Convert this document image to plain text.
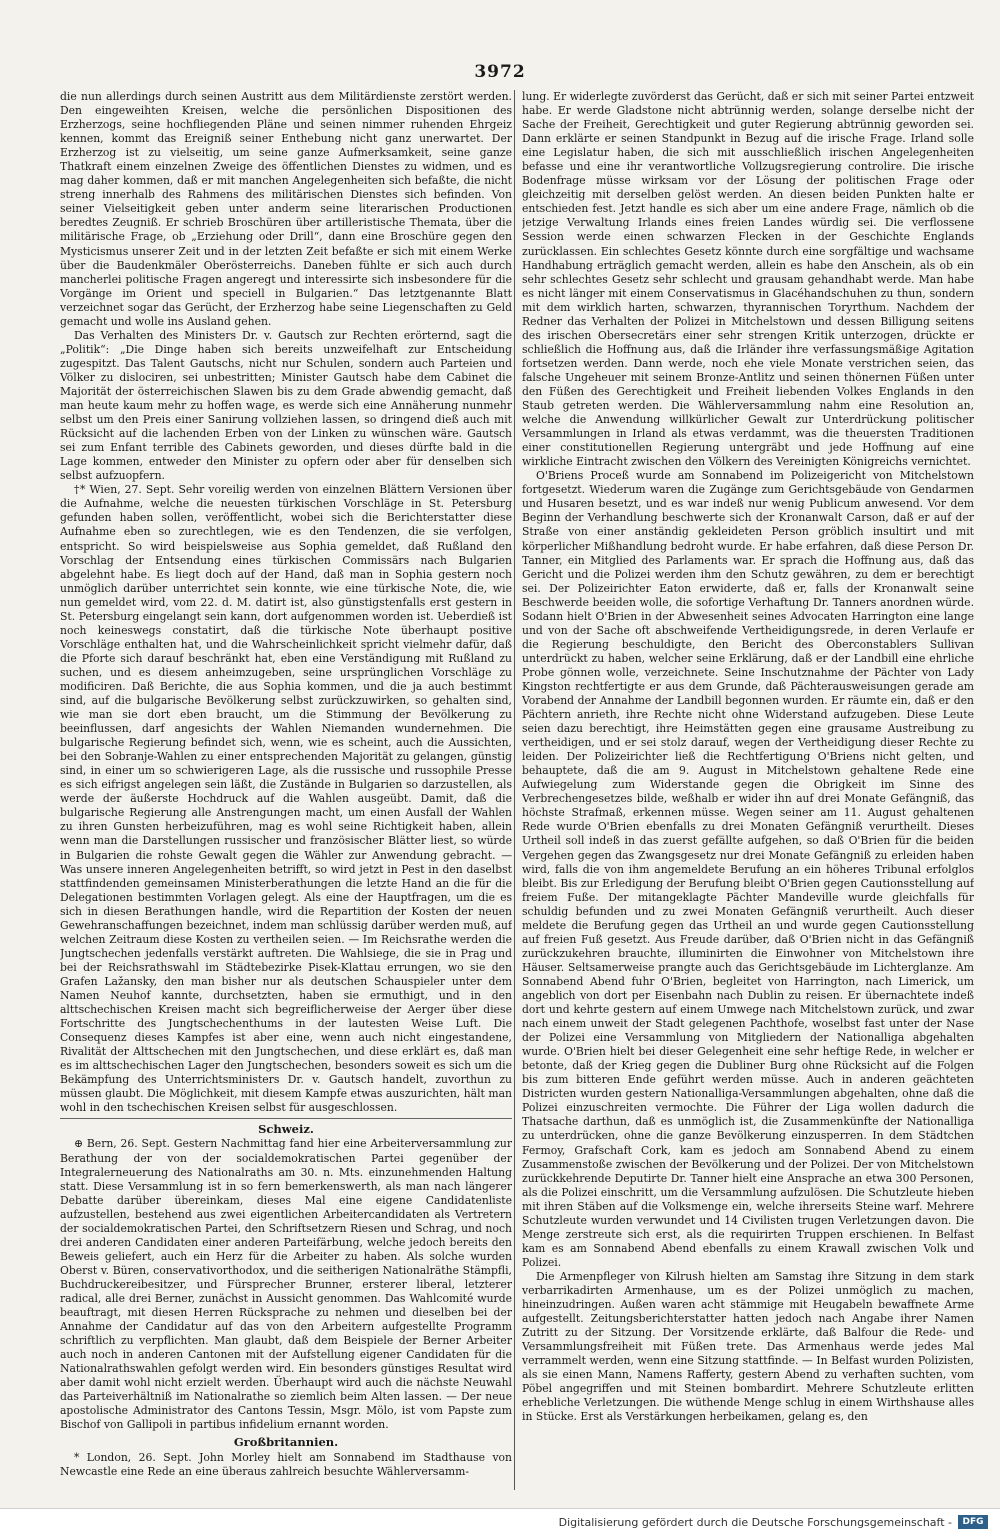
3972

die nun allerdings durch seinen Austritt aus dem Militärdienste zerstört werden. Den eingeweihten Kreisen, welche die persönlichen Dispositionen des Erzherzogs, seine hochfliegenden Pläne und seinen nimmer ruhenden Ehrgeiz kennen, kommt das Ereigniß seiner Enthebung nicht ganz unerwartet. Der Erzherzog ist zu vielseitig, um seine ganze Aufmerksamkeit, seine ganze Thatkraft einem einzelnen Zweige des öffentlichen Dienstes zu widmen, und es mag daher kommen, daß er mit manchen Angelegenheiten sich befaßte, die nicht streng innerhalb des Rahmens des militärischen Dienstes sich befinden. Von seiner Vielseitigkeit geben unter anderm seine literarischen Productionen beredtes Zeugniß. Er schrieb Broschüren über artilleristische Themata, über die militärische Frage, ob „Erziehung oder Drill“, dann eine Broschüre gegen den Mysticismus unserer Zeit und in der letzten Zeit befaßte er sich mit einem Werke über die Baudenkmäler Oberösterreichs. Daneben fühlte er sich auch durch mancherlei politische Fragen angeregt und interessirte sich insbesondere für die Vorgänge im Orient und speciell in Bulgarien.“ Das letztgenannte Blatt verzeichnet sogar das Gerücht, der Erzherzog habe seine Liegenschaften zu Geld gemacht und wolle ins Ausland gehen.

Das Verhalten des Ministers Dr. v. Gautsch zur Rechten erörternd, sagt die „Politik“: „Die Dinge haben sich bereits unzweifelhaft zur Entscheidung zugespitzt. Das Talent Gautschs, nicht nur Schulen, sondern auch Parteien und Völker zu dislociren, sei unbestritten; Minister Gautsch habe dem Cabinet die Majorität der österreichischen Slawen bis zu dem Grade abwendig gemacht, daß man heute kaum mehr zu hoffen wage, es werde sich eine Annäherung nunmehr selbst um den Preis einer Sanirung vollziehen lassen, so dringend dieß auch mit Rücksicht auf die lachenden Erben von der Linken zu wünschen wäre. Gautsch sei zum Enfant terrible des Cabinets geworden, und dieses dürfte bald in die Lage kommen, entweder den Minister zu opfern oder aber für denselben sich selbst aufzuopfern.

†* Wien, 27. Sept. Sehr voreilig werden von einzelnen Blättern Versionen über die Aufnahme, welche die neuesten türkischen Vorschläge in St. Petersburg gefunden haben sollen, veröffentlicht, wobei sich die Berichterstatter diese Aufnahme eben so zurechtlegen, wie es den Tendenzen, die sie verfolgen, entspricht. So wird beispielsweise aus Sophia gemeldet, daß Rußland den Vorschlag der Entsendung eines türkischen Commissärs nach Bulgarien abgelehnt habe. Es liegt doch auf der Hand, daß man in Sophia gestern noch unmöglich darüber unterrichtet sein konnte, wie eine türkische Note, die, wie nun gemeldet wird, vom 22. d. M. datirt ist, also günstigstenfalls erst gestern in St. Petersburg eingelangt sein kann, dort aufgenommen worden ist. Ueberdieß ist noch keineswegs constatirt, daß die türkische Note überhaupt positive Vorschläge enthalten hat, und die Wahrscheinlichkeit spricht vielmehr dafür, daß die Pforte sich darauf beschränkt hat, eben eine Verständigung mit Rußland zu suchen, und es diesem anheimzugeben, seine ursprünglichen Vorschläge zu modificiren. Daß Berichte, die aus Sophia kommen, und die ja auch bestimmt sind, auf die bulgarische Bevölkerung selbst zurückzuwirken, so gehalten sind, wie man sie dort eben braucht, um die Stimmung der Bevölkerung zu beeinflussen, darf angesichts der Wahlen Niemanden wundernehmen. Die bulgarische Regierung befindet sich, wenn, wie es scheint, auch die Aussichten, bei den Sobranje-Wahlen zu einer entsprechenden Majorität zu gelangen, günstig sind, in einer um so schwierigeren Lage, als die russische und russophile Presse es sich eifrigst angelegen sein läßt, die Zustände in Bulgarien so darzustellen, als werde der äußerste Hochdruck auf die Wahlen ausgeübt. Damit, daß die bulgarische Regierung alle Anstrengungen macht, um einen Ausfall der Wahlen zu ihren Gunsten herbeizuführen, mag es wohl seine Richtigkeit haben, allein wenn man die Darstellungen russischer und französischer Blätter liest, so würde in Bulgarien die rohste Gewalt gegen die Wähler zur Anwendung gebracht. — Was unsere inneren Angelegenheiten betrifft, so wird jetzt in Pest in den daselbst stattfindenden gemeinsamen Ministerberathungen die letzte Hand an die für die Delegationen bestimmten Vorlagen gelegt. Als eine der Hauptfragen, um die es sich in diesen Berathungen handle, wird die Repartition der Kosten der neuen Gewehranschaffungen bezeichnet, indem man schlüssig darüber werden muß, auf welchen Zeitraum diese Kosten zu vertheilen seien. — Im Reichsrathe werden die Jungtschechen jedenfalls verstärkt auftreten. Die Wahlsiege, die sie in Prag und bei der Reichsrathswahl im Städtebezirke Pisek-Klattau errungen, wo sie den Grafen Lažansky, den man bisher nur als deutschen Schauspieler unter dem Namen Neuhof kannte, durchsetzten, haben sie ermuthigt, und in den alttschechischen Kreisen macht sich begreiflicherweise der Aerger über diese Fortschritte des Jungtschechenthums in der lautesten Weise Luft. Die Consequenz dieses Kampfes ist aber eine, wenn auch nicht eingestandene, Rivalität der Alttschechen mit den Jungtschechen, und diese erklärt es, daß man es im alttschechischen Lager den Jungtschechen, besonders soweit es sich um die Bekämpfung des Unterrichtsministers Dr. v. Gautsch handelt, zuvorthun zu müssen glaubt. Die Möglichkeit, mit diesem Kampfe etwas auszurichten, hält man wohl in den tschechischen Kreisen selbst für ausgeschlossen.

Schweiz.

⊕ Bern, 26. Sept. Gestern Nachmittag fand hier eine Arbeiterversammlung zur Berathung der von der socialdemokratischen Partei gegenüber der Integralerneuerung des Nationalraths am 30. n. Mts. einzunehmenden Haltung statt. Diese Versammlung ist in so fern bemerkenswerth, als man nach längerer Debatte darüber übereinkam, dieses Mal eine eigene Candidatenliste aufzustellen, bestehend aus zwei eigentlichen Arbeitercandidaten als Vertretern der socialdemokratischen Partei, den Schriftsetzern Riesen und Schrag, und noch drei anderen Candidaten einer anderen Parteifärbung, welche jedoch bereits den Beweis geliefert, auch ein Herz für die Arbeiter zu haben. Als solche wurden Oberst v. Büren, conservativorthodox, und die seitherigen Nationalräthe Stämpfli, Buchdruckereibesitzer, und Fürsprecher Brunner, ersterer liberal, letzterer radical, alle drei Berner, zunächst in Aussicht genommen. Das Wahlcomité wurde beauftragt, mit diesen Herren Rücksprache zu nehmen und dieselben bei der Annahme der Candidatur auf das von den Arbeitern aufgestellte Programm schriftlich zu verpflichten. Man glaubt, daß dem Beispiele der Berner Arbeiter auch noch in anderen Cantonen mit der Aufstellung eigener Candidaten für die Nationalrathswahlen gefolgt werden wird. Ein besonders günstiges Resultat wird aber damit wohl nicht erzielt werden. Überhaupt wird auch die nächste Neuwahl das Parteiverhältniß im Nationalrathe so ziemlich beim Alten lassen. — Der neue apostolische Administrator des Cantons Tessin, Msgr. Mölo, ist vom Papste zum Bischof von Gallipoli in partibus infidelium ernannt worden.

Großbritannien.

* London, 26. Sept. John Morley hielt am Sonnabend im Stadthause von Newcastle eine Rede an eine überaus zahlreich besuchte Wählerversamm-

lung. Er widerlegte zuvörderst das Gerücht, daß er sich mit seiner Partei entzweit habe. Er werde Gladstone nicht abtrünnig werden, solange derselbe nicht der Sache der Freiheit, Gerechtigkeit und guter Regierung abtrünnig geworden sei. Dann erklärte er seinen Standpunkt in Bezug auf die irische Frage. Irland solle eine Legislatur haben, die sich mit ausschließlich irischen Angelegenheiten befasse und eine ihr verantwortliche Vollzugsregierung controlire. Die irische Bodenfrage müsse wirksam vor der Lösung der politischen Frage oder gleichzeitig mit derselben gelöst werden. An diesen beiden Punkten halte er entschieden fest. Jetzt handle es sich aber um eine andere Frage, nämlich ob die jetzige Verwaltung Irlands eines freien Landes würdig sei. Die verflossene Session werde einen schwarzen Flecken in der Geschichte Englands zurücklassen. Ein schlechtes Gesetz könnte durch eine sorgfältige und wachsame Handhabung erträglich gemacht werden, allein es habe den Anschein, als ob ein sehr schlechtes Gesetz sehr schlecht und grausam gehandhabt werde. Man habe es nicht länger mit einem Conservatismus in Glacéhandschuhen zu thun, sondern mit dem wirklich harten, schwarzen, thyrannischen Toryrthum. Nachdem der Redner das Verhalten der Polizei in Mitchelstown und dessen Billigung seitens des irischen Obersecretärs einer sehr strengen Kritik unterzogen, drückte er schließlich die Hoffnung aus, daß die Irländer ihre verfassungsmäßige Agitation fortsetzen werden. Dann werde, noch ehe viele Monate verstrichen seien, das falsche Ungeheuer mit seinem Bronze-Antlitz und seinen thönernen Füßen unter den Füßen des Gerechtigkeit und Freiheit liebenden Volkes Englands in den Staub getreten werden. Die Wählerversammlung nahm eine Resolution an, welche die Anwendung willkürlicher Gewalt zur Unterdrückung politischer Versammlungen in Irland als etwas verdammt, was die theuersten Traditionen einer constitutionellen Regierung untergräbt und jede Hoffnung auf eine wirkliche Eintracht zwischen den Völkern des Vereinigten Königreichs vernichtet.

O'Briens Proceß wurde am Sonnabend im Polizeigericht von Mitchelstown fortgesetzt. Wiederum waren die Zugänge zum Gerichtsgebäude von Gendarmen und Husaren besetzt, und es war indeß nur wenig Publicum anwesend. Vor dem Beginn der Verhandlung beschwerte sich der Kronanwalt Carson, daß er auf der Straße von einer anständig gekleideten Person gröblich insultirt und mit körperlicher Mißhandlung bedroht wurde. Er habe erfahren, daß diese Person Dr. Tanner, ein Mitglied des Parlaments war. Er sprach die Hoffnung aus, daß das Gericht und die Polizei werden ihm den Schutz gewähren, zu dem er berechtigt sei. Der Polizeirichter Eaton erwiderte, daß er, falls der Kronanwalt seine Beschwerde beeiden wolle, die sofortige Verhaftung Dr. Tanners anordnen würde. Sodann hielt O'Brien in der Abwesenheit seines Advocaten Harrington eine lange und von der Sache oft abschweifende Vertheidigungsrede, in deren Verlaufe er die Regierung beschuldigte, den Bericht des Oberconstablers Sullivan unterdrückt zu haben, welcher seine Erklärung, daß er der Landbill eine ehrliche Probe gönnen wolle, verzeichnete. Seine Inschutznahme der Pächter von Lady Kingston rechtfertigte er aus dem Grunde, daß Pächterausweisungen gerade am Vorabend der Annahme der Landbill begonnen wurden. Er räumte ein, daß er den Pächtern anrieth, ihre Rechte nicht ohne Widerstand aufzugeben. Diese Leute seien dazu berechtigt, ihre Heimstätten gegen eine grausame Austreibung zu vertheidigen, und er sei stolz darauf, wegen der Vertheidigung dieser Rechte zu leiden. Der Polizeirichter ließ die Rechtfertigung O'Briens nicht gelten, und behauptete, daß die am 9. August in Mitchelstown gehaltene Rede eine Aufwiegelung zum Widerstande gegen die Obrigkeit im Sinne des Verbrechengesetzes bilde, weßhalb er wider ihn auf drei Monate Gefängniß, das höchste Strafmaß, erkennen müsse. Wegen seiner am 11. August gehaltenen Rede wurde O'Brien ebenfalls zu drei Monaten Gefängniß verurtheilt. Dieses Urtheil soll indeß in das zuerst gefällte aufgehen, so daß O'Brien für die beiden Vergehen gegen das Zwangsgesetz nur drei Monate Gefängniß zu erleiden haben wird, falls die von ihm angemeldete Berufung an ein höheres Tribunal erfolglos bleibt. Bis zur Erledigung der Berufung bleibt O'Brien gegen Cautionsstellung auf freiem Fuße. Der mitangeklagte Pächter Mandeville wurde gleichfalls für schuldig befunden und zu zwei Monaten Gefängniß verurtheilt. Auch dieser meldete die Berufung gegen das Urtheil an und wurde gegen Cautionsstellung auf freien Fuß gesetzt. Aus Freude darüber, daß O'Brien nicht in das Gefängniß zurückzukehren brauchte, illuminirten die Einwohner von Mitchelstown ihre Häuser. Seltsamerweise prangte auch das Gerichtsgebäude im Lichterglanze. Am Sonnabend Abend fuhr O'Brien, begleitet von Harrington, nach Limerick, um angeblich von dort per Eisenbahn nach Dublin zu reisen. Er übernachtete indeß dort und kehrte gestern auf einem Umwege nach Mitchelstown zurück, und zwar nach einem unweit der Stadt gelegenen Pachthofe, woselbst fast unter der Nase der Polizei eine Versammlung von Mitgliedern der Nationalliga abgehalten wurde. O'Brien hielt bei dieser Gelegenheit eine sehr heftige Rede, in welcher er betonte, daß der Krieg gegen die Dubliner Burg ohne Rücksicht auf die Folgen bis zum bitteren Ende geführt werden müsse. Auch in anderen geächteten Districten wurden gestern Nationalliga-Versammlungen abgehalten, ohne daß die Polizei einzuschreiten vermochte. Die Führer der Liga wollen dadurch die Thatsache darthun, daß es unmöglich ist, die Zusammenkünfte der Nationalliga zu unterdrücken, ohne die ganze Bevölkerung einzusperren. In dem Städtchen Fermoy, Grafschaft Cork, kam es jedoch am Sonnabend Abend zu einem Zusammenstoße zwischen der Bevölkerung und der Polizei. Der von Mitchelstown zurückkehrende Deputirte Dr. Tanner hielt eine Ansprache an etwa 300 Personen, als die Polizei einschritt, um die Versammlung aufzulösen. Die Schutzleute hieben mit ihren Stäben auf die Volksmenge ein, welche ihrerseits Steine warf. Mehrere Schutzleute wurden verwundet und 14 Civilisten trugen Verletzungen davon. Die Menge zerstreute sich erst, als die requirirten Truppen erschienen. In Belfast kam es am Sonnabend Abend ebenfalls zu einem Krawall zwischen Volk und Polizei.

Die Armenpfleger von Kilrush hielten am Samstag ihre Sitzung in dem stark verbarrikadirten Armenhause, um es der Polizei unmöglich zu machen, hineinzudringen. Außen waren acht stämmige mit Heugabeln bewaffnete Arme aufgestellt. Zeitungsberichterstatter hatten jedoch nach Angabe ihrer Namen Zutritt zu der Sitzung. Der Vorsitzende erklärte, daß Balfour die Rede- und Versammlungsfreiheit mit Füßen trete. Das Armenhaus werde jedes Mal verrammelt werden, wenn eine Sitzung stattfinde. — In Belfast wurden Polizisten, als sie einen Mann, Namens Rafferty, gestern Abend zu verhaften suchten, vom Pöbel angegriffen und mit Steinen bombardirt. Mehrere Schutzleute erlitten erhebliche Verletzungen. Die wüthende Menge schlug in einem Wirthshause alles in Stücke. Erst als Verstärkungen herbeikamen, gelang es, den

Digitalisierung gefördert durch die Deutsche Forschungsgemeinschaft -	DFG
